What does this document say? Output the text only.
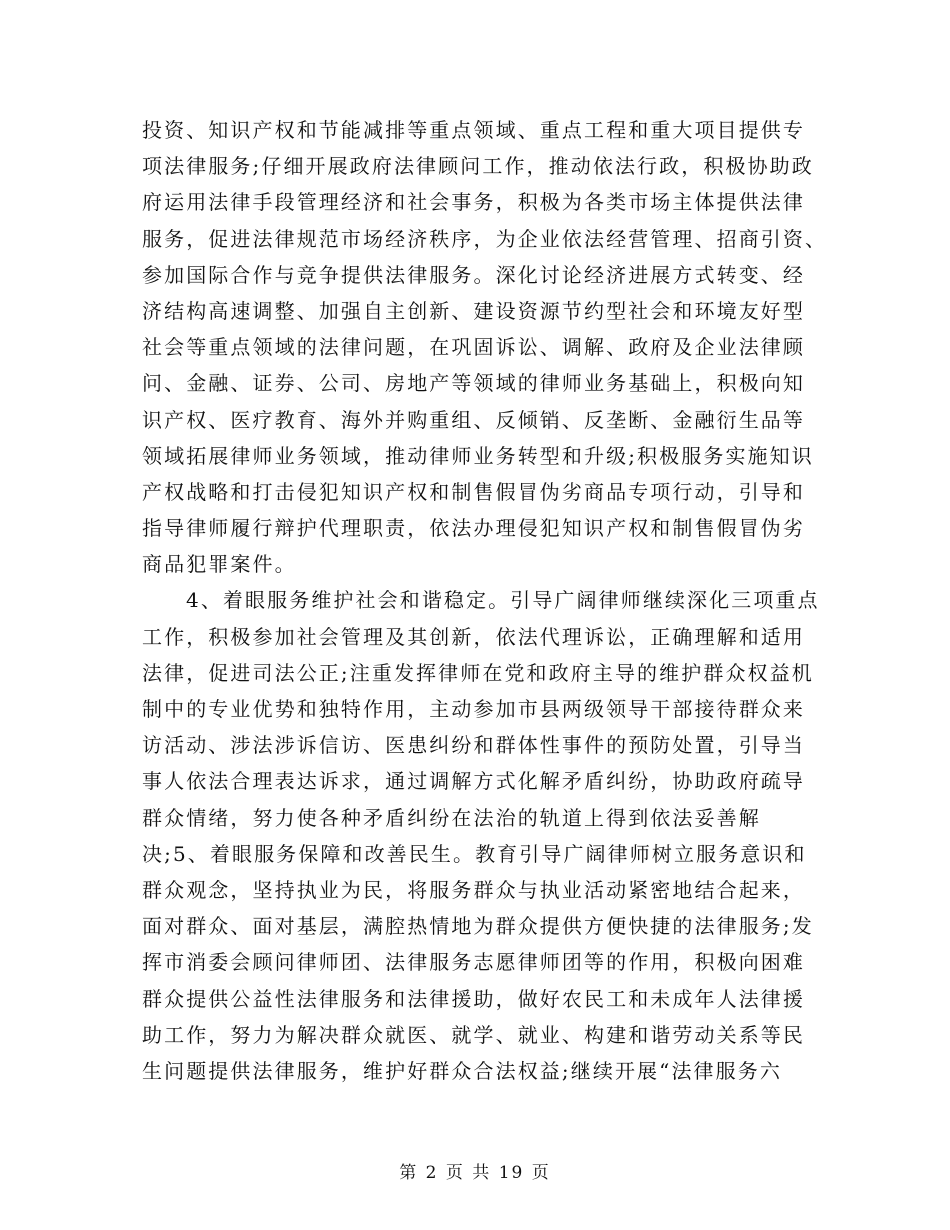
投资、知识产权和节能减排等重点领域、重点工程和重大项目提供专
项法律服务;仔细开展政府法律顾问工作，推动依法行政，积极协助政
府运用法律手段管理经济和社会事务，积极为各类市场主体提供法律
服务，促进法律规范市场经济秩序，为企业依法经营管理、招商引资、
参加国际合作与竞争提供法律服务。深化讨论经济进展方式转变、经
济结构高速调整、加强自主创新、建设资源节约型社会和环境友好型
社会等重点领域的法律问题，在巩固诉讼、调解、政府及企业法律顾
问、金融、证券、公司、房地产等领域的律师业务基础上，积极向知
识产权、医疗教育、海外并购重组、反倾销、反垄断、金融衍生品等
领域拓展律师业务领域，推动律师业务转型和升级;积极服务实施知识
产权战略和打击侵犯知识产权和制售假冒伪劣商品专项行动，引导和
指导律师履行辩护代理职责，依法办理侵犯知识产权和制售假冒伪劣
商品犯罪案件。
4、着眼服务维护社会和谐稳定。引导广阔律师继续深化三项重点
工作，积极参加社会管理及其创新，依法代理诉讼，正确理解和适用
法律，促进司法公正;注重发挥律师在党和政府主导的维护群众权益机
制中的专业优势和独特作用，主动参加市县两级领导干部接待群众来
访活动、涉法涉诉信访、医患纠纷和群体性事件的预防处置，引导当
事人依法合理表达诉求，通过调解方式化解矛盾纠纷，协助政府疏导
群众情绪，努力使各种矛盾纠纷在法治的轨道上得到依法妥善解
决;5、着眼服务保障和改善民生。教育引导广阔律师树立服务意识和
群众观念，坚持执业为民，将服务群众与执业活动紧密地结合起来，
面对群众、面对基层，满腔热情地为群众提供方便快捷的法律服务;发
挥市消委会顾问律师团、法律服务志愿律师团等的作用，积极向困难
群众提供公益性法律服务和法律援助，做好农民工和未成年人法律援
助工作，努力为解决群众就医、就学、就业、构建和谐劳动关系等民
生问题提供法律服务，维护好群众合法权益;继续开展“法律服务六
第 2 页 共 19 页
